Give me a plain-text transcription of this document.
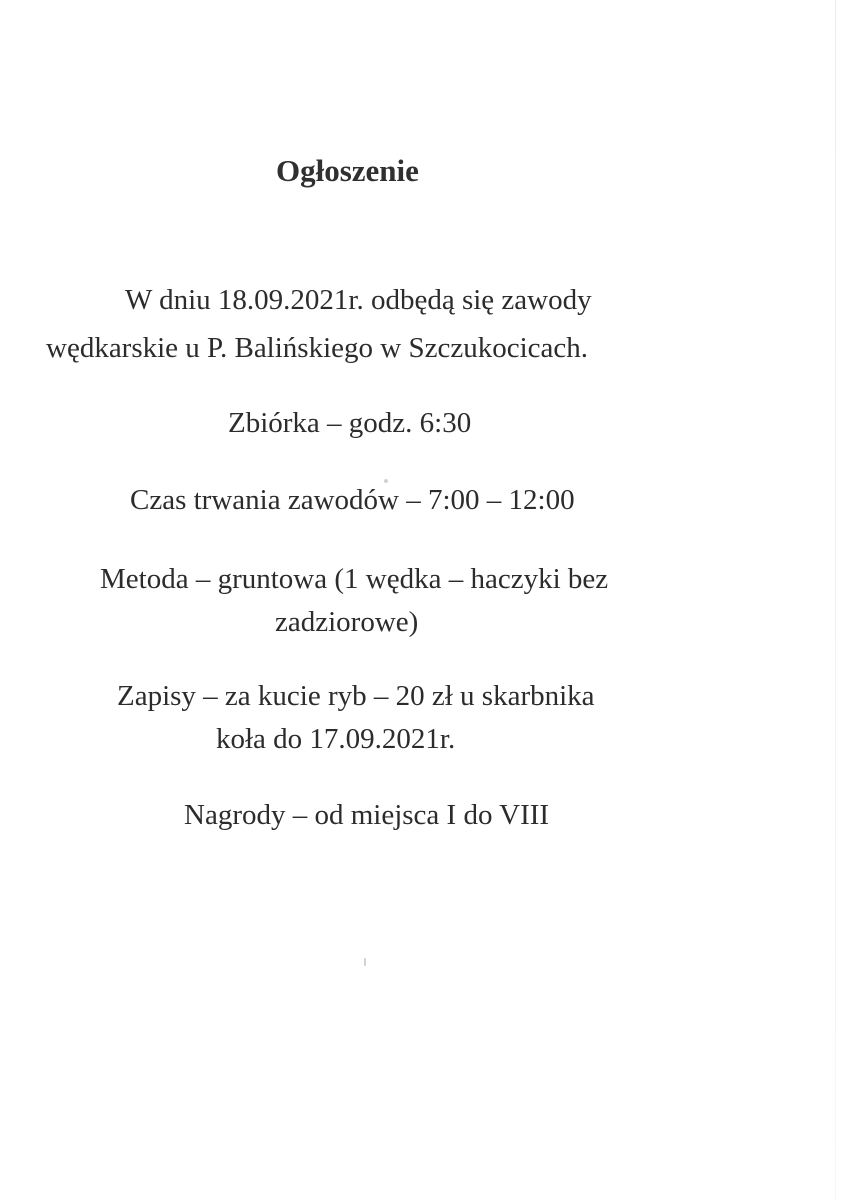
Ogłoszenie
W dniu 18.09.2021r. odbędą się zawody
wędkarskie u P. Balińskiego w Szczukocicach.
Zbiórka – godz. 6:30
Czas trwania zawodów – 7:00 – 12:00
Metoda – gruntowa (1 wędka – haczyki bez
zadziorowe)
Zapisy – za kucie ryb – 20 zł u skarbnika
koła do 17.09.2021r.
Nagrody – od miejsca I do VIII
